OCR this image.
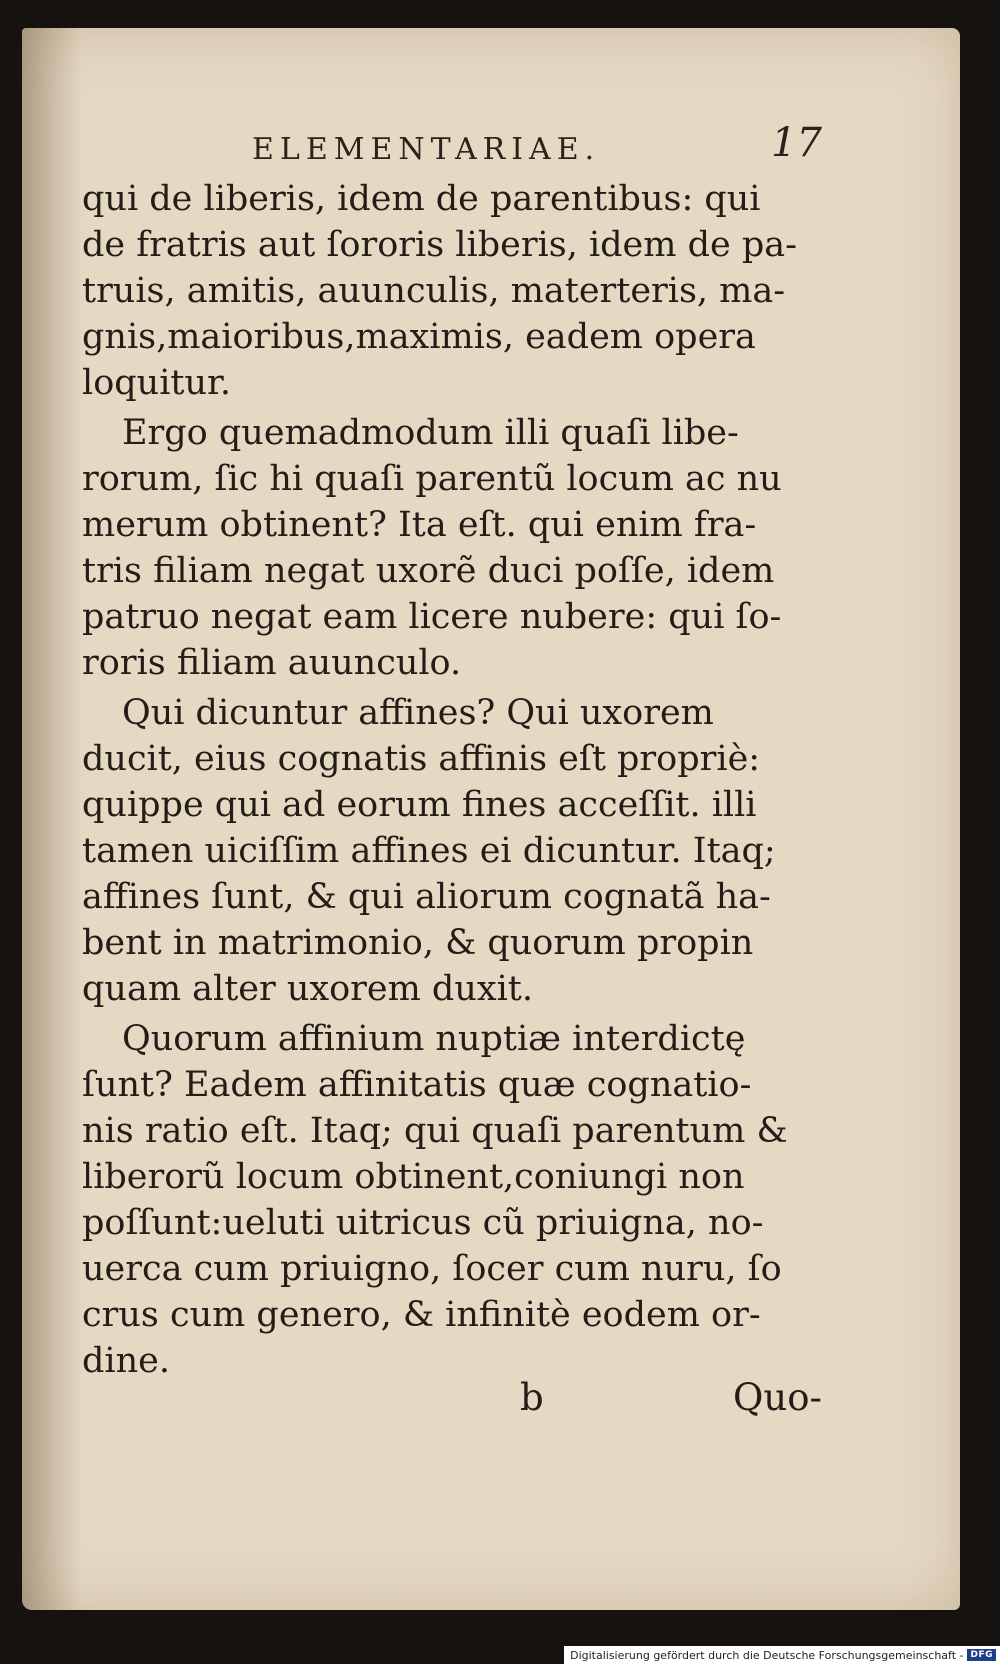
ELEMENTARIAE.	17
qui de liberis, idem de parentibus: qui
de fratris aut ſororis liberis, idem de pa-
truis, amitis, auunculis, materteris, ma-
gnis,maioribus,maximis, eadem opera
loquitur.
Ergo quemadmodum illi quaſi libe-
rorum, ſic hi quaſi parentũ locum ac nu
merum obtinent? Ita eſt. qui enim fra-
tris filiam negat uxorẽ duci poſſe, idem
patruo negat eam licere nubere: qui ſo-
roris filiam auunculo.
Qui dicuntur affines? Qui uxorem
ducit, eius cognatis affinis eſt propriè:
quippe qui ad eorum fines acceſſit. illi
tamen uiciſſim affines ei dicuntur. Itaq;
affines ſunt, & qui aliorum cognatã ha-
bent in matrimonio, & quorum propin
quam alter uxorem duxit.
Quorum affinium nuptiæ interdictę
ſunt? Eadem affinitatis quæ cognatio-
nis ratio eſt. Itaq; qui quaſi parentum &
liberorũ locum obtinent,coniungi non
poſſunt:ueluti uitricus cũ priuigna, no-
uerca cum priuigno, ſocer cum nuru, ſo
crus cum genero, & infinitè eodem or-
dine.
b	Quo-
Digitalisierung gefördert durch die Deutsche Forschungsgemeinschaft - DFG
